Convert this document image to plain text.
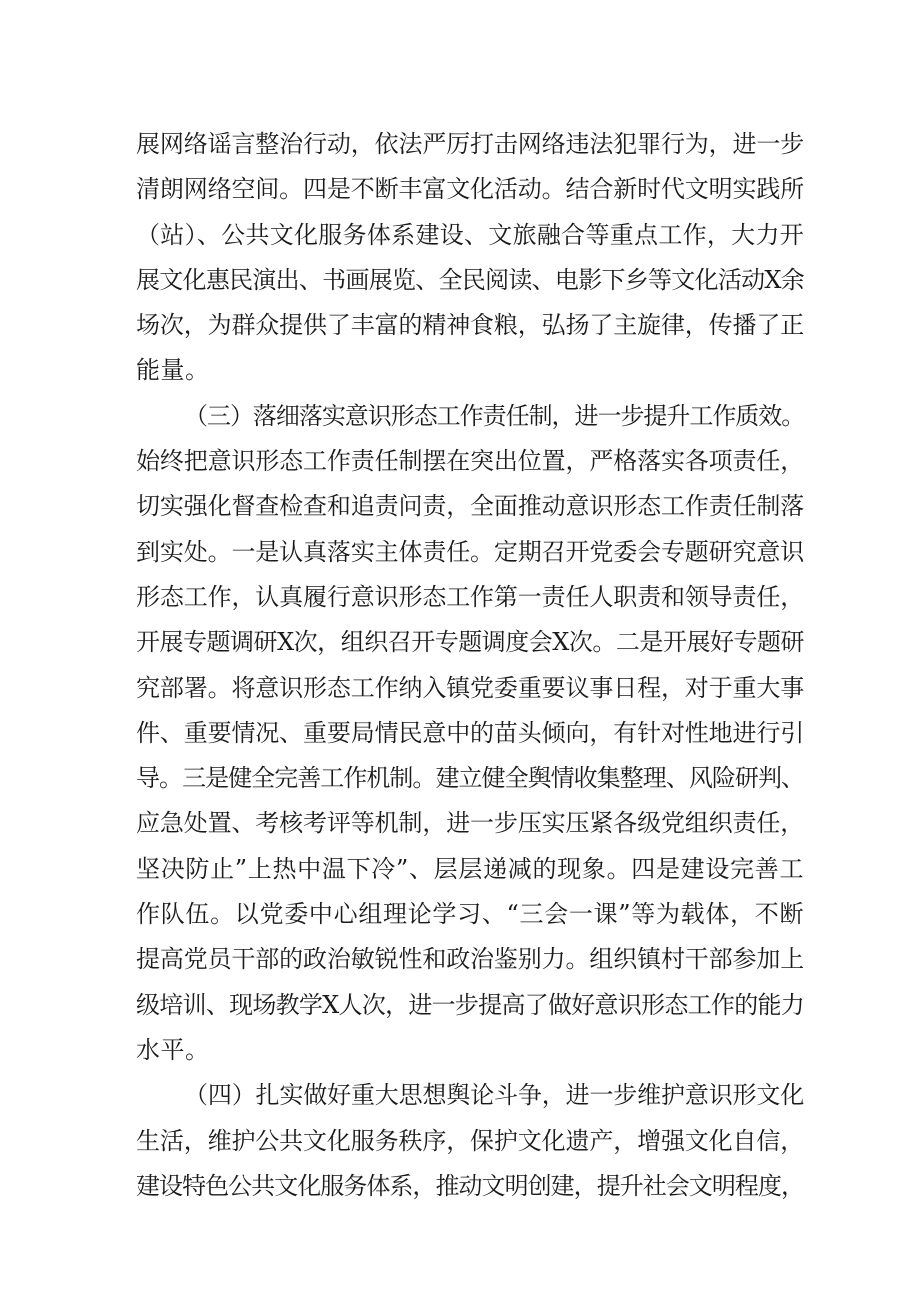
展网络谣言整治行动，依法严厉打击网络违法犯罪行为，进一步
清朗网络空间。四是不断丰富文化活动。结合新时代文明实践所
（站）、公共文化服务体系建设、文旅融合等重点工作，大力开
展文化惠民演出、书画展览、全民阅读、电影下乡等文化活动X余
场次，为群众提供了丰富的精神食粮，弘扬了主旋律，传播了正
能量。
（三）落细落实意识形态工作责任制，进一步提升工作质效。
始终把意识形态工作责任制摆在突出位置，严格落实各项责任，
切实强化督查检查和追责问责，全面推动意识形态工作责任制落
到实处。一是认真落实主体责任。定期召开党委会专题研究意识
形态工作，认真履行意识形态工作第一责任人职责和领导责任，
开展专题调研X次，组织召开专题调度会X次。二是开展好专题研
究部署。将意识形态工作纳入镇党委重要议事日程，对于重大事
件、重要情况、重要局情民意中的苗头倾向，有针对性地进行引
导。三是健全完善工作机制。建立健全舆情收集整理、风险研判、
应急处置、考核考评等机制，进一步压实压紧各级党组织责任，
坚决防止”上热中温下冷”、层层递减的现象。四是建设完善工
作队伍。以党委中心组理论学习、“三会一课”等为载体，不断
提高党员干部的政治敏锐性和政治鉴别力。组织镇村干部参加上
级培训、现场教学X人次，进一步提高了做好意识形态工作的能力
水平。
（四）扎实做好重大思想舆论斗争，进一步维护意识形文化
生活，维护公共文化服务秩序，保护文化遗产，增强文化自信，
建设特色公共文化服务体系，推动文明创建，提升社会文明程度，
